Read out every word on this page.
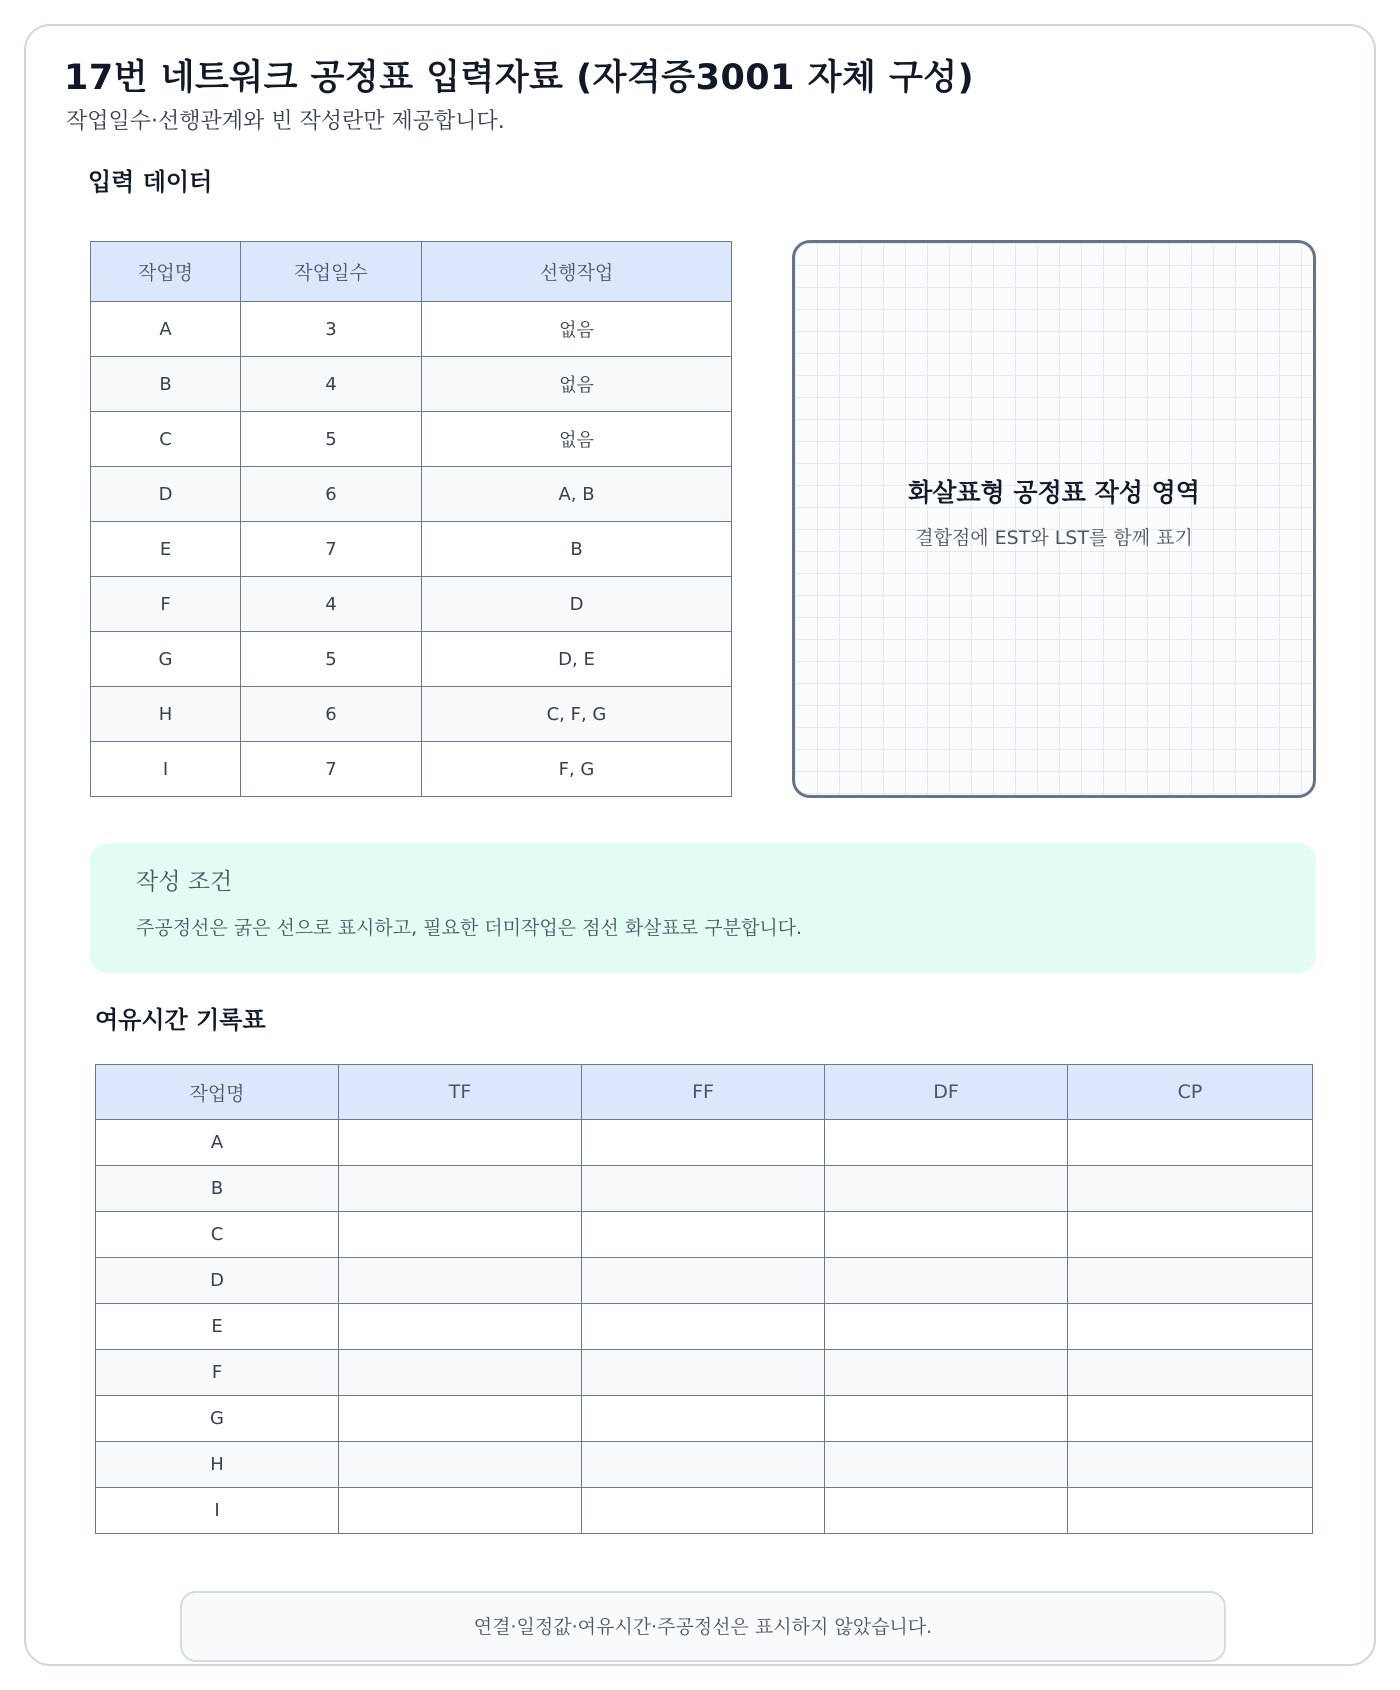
17번 네트워크 공정표 입력자료 (자격증3001 자체 구성)
작업일수·선행관계와 빈 작성란만 제공합니다.
입력 데이터
작업명	작업일수	선행작업
A	3	없음
B	4	없음
C	5	없음
D	6	A, B
E	7	B
F	4	D
G	5	D, E
H	6	C, F, G
I	7	F, G
화살표형 공정표 작성 영역
결합점에 EST와 LST를 함께 표기
작성 조건
주공정선은 굵은 선으로 표시하고, 필요한 더미작업은 점선 화살표로 구분합니다.
여유시간 기록표
작업명	TF	FF	DF	CP
A				
B				
C				
D				
E				
F				
G				
H				
I				
연결·일정값·여유시간·주공정선은 표시하지 않았습니다.
